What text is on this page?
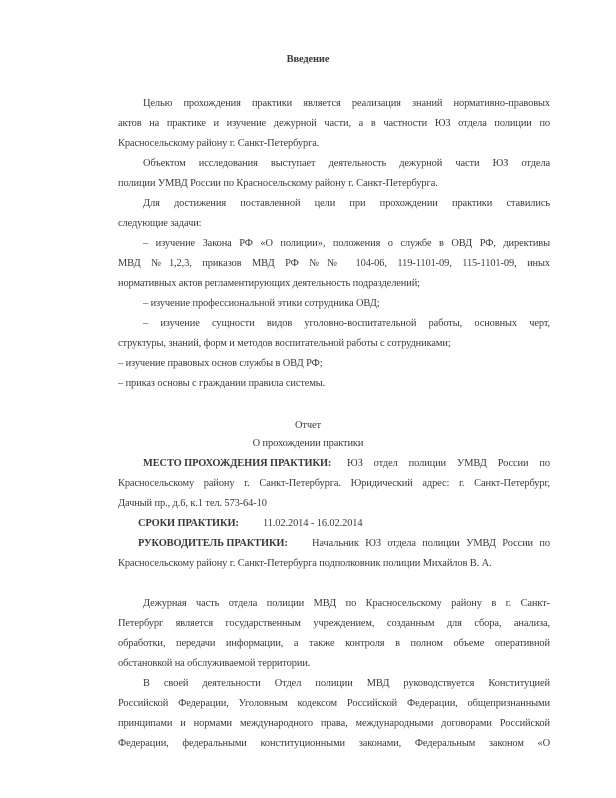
Введение
Целью прохождения практики является реализация знаний нормативно-правовых
актов на практике и изучение дежурной части, а в частности ЮЗ отдела полиции по
Красносельскому району г. Санкт-Петербурга.
Объектом исследования выступает деятельность дежурной части ЮЗ отдела
полиции УМВД России по Красносельскому району г. Санкт-Петербурга.
Для достижения поставленной цели при прохождении практики ставились
следующие задачи:
– изучение Закона РФ «О полиции», положения о службе в ОВД РФ, директивы
МВД №1,2,3, приказов МВД РФ №№ 104-06, 119-1101-09, 115-1101-09, иных
нормативных актов регламентирующих деятельность подразделений;
– изучение профессиональной этики сотрудника ОВД;
– изучение сущности видов уголовно-воспитательной работы, основных черт,
структуры, знаний, форм и методов воспитательной работы с сотрудниками;
– изучение правовых основ службы в ОВД РФ;
– приказ основы с граждании правила системы.
Отчет
О прохождении практики
МЕСТО ПРОХОЖДЕНИЯ ПРАКТИКИ:	ЮЗ отдел полиции УМВД России по
Красносельскому району г. Санкт-Петербурга. Юридический адрес: г. Санкт-Петербург,
Дачный пр., д.6, к.1 тел. 573-64-10
СРОКИ ПРАКТИКИ:	11.02.2014 - 16.02.2014
РУКОВОДИТЕЛЬ ПРАКТИКИ:	Начальник ЮЗ отдела полиции УМВД России по
Красносельскому району г. Санкт-Петербурга подполковник полиции Михайлов В. А.
Дежурная часть отдела полиции МВД по Красносельскому району в г. Санкт-
Петербург является государственным учреждением, созданным для сбора, анализа,
обработки, передачи информации, а также контроля в полном объеме оперативной
обстановкой на обслуживаемой территории.
В своей деятельности Отдел полиции МВД руководствуется Конституцией
Российской Федерации, Уголовным кодексом Российской Федерации, общепризнанными
принципами и нормами международного права, международными договорами Российской
Федерации, федеральными конституционными законами, Федеральным законом «О
